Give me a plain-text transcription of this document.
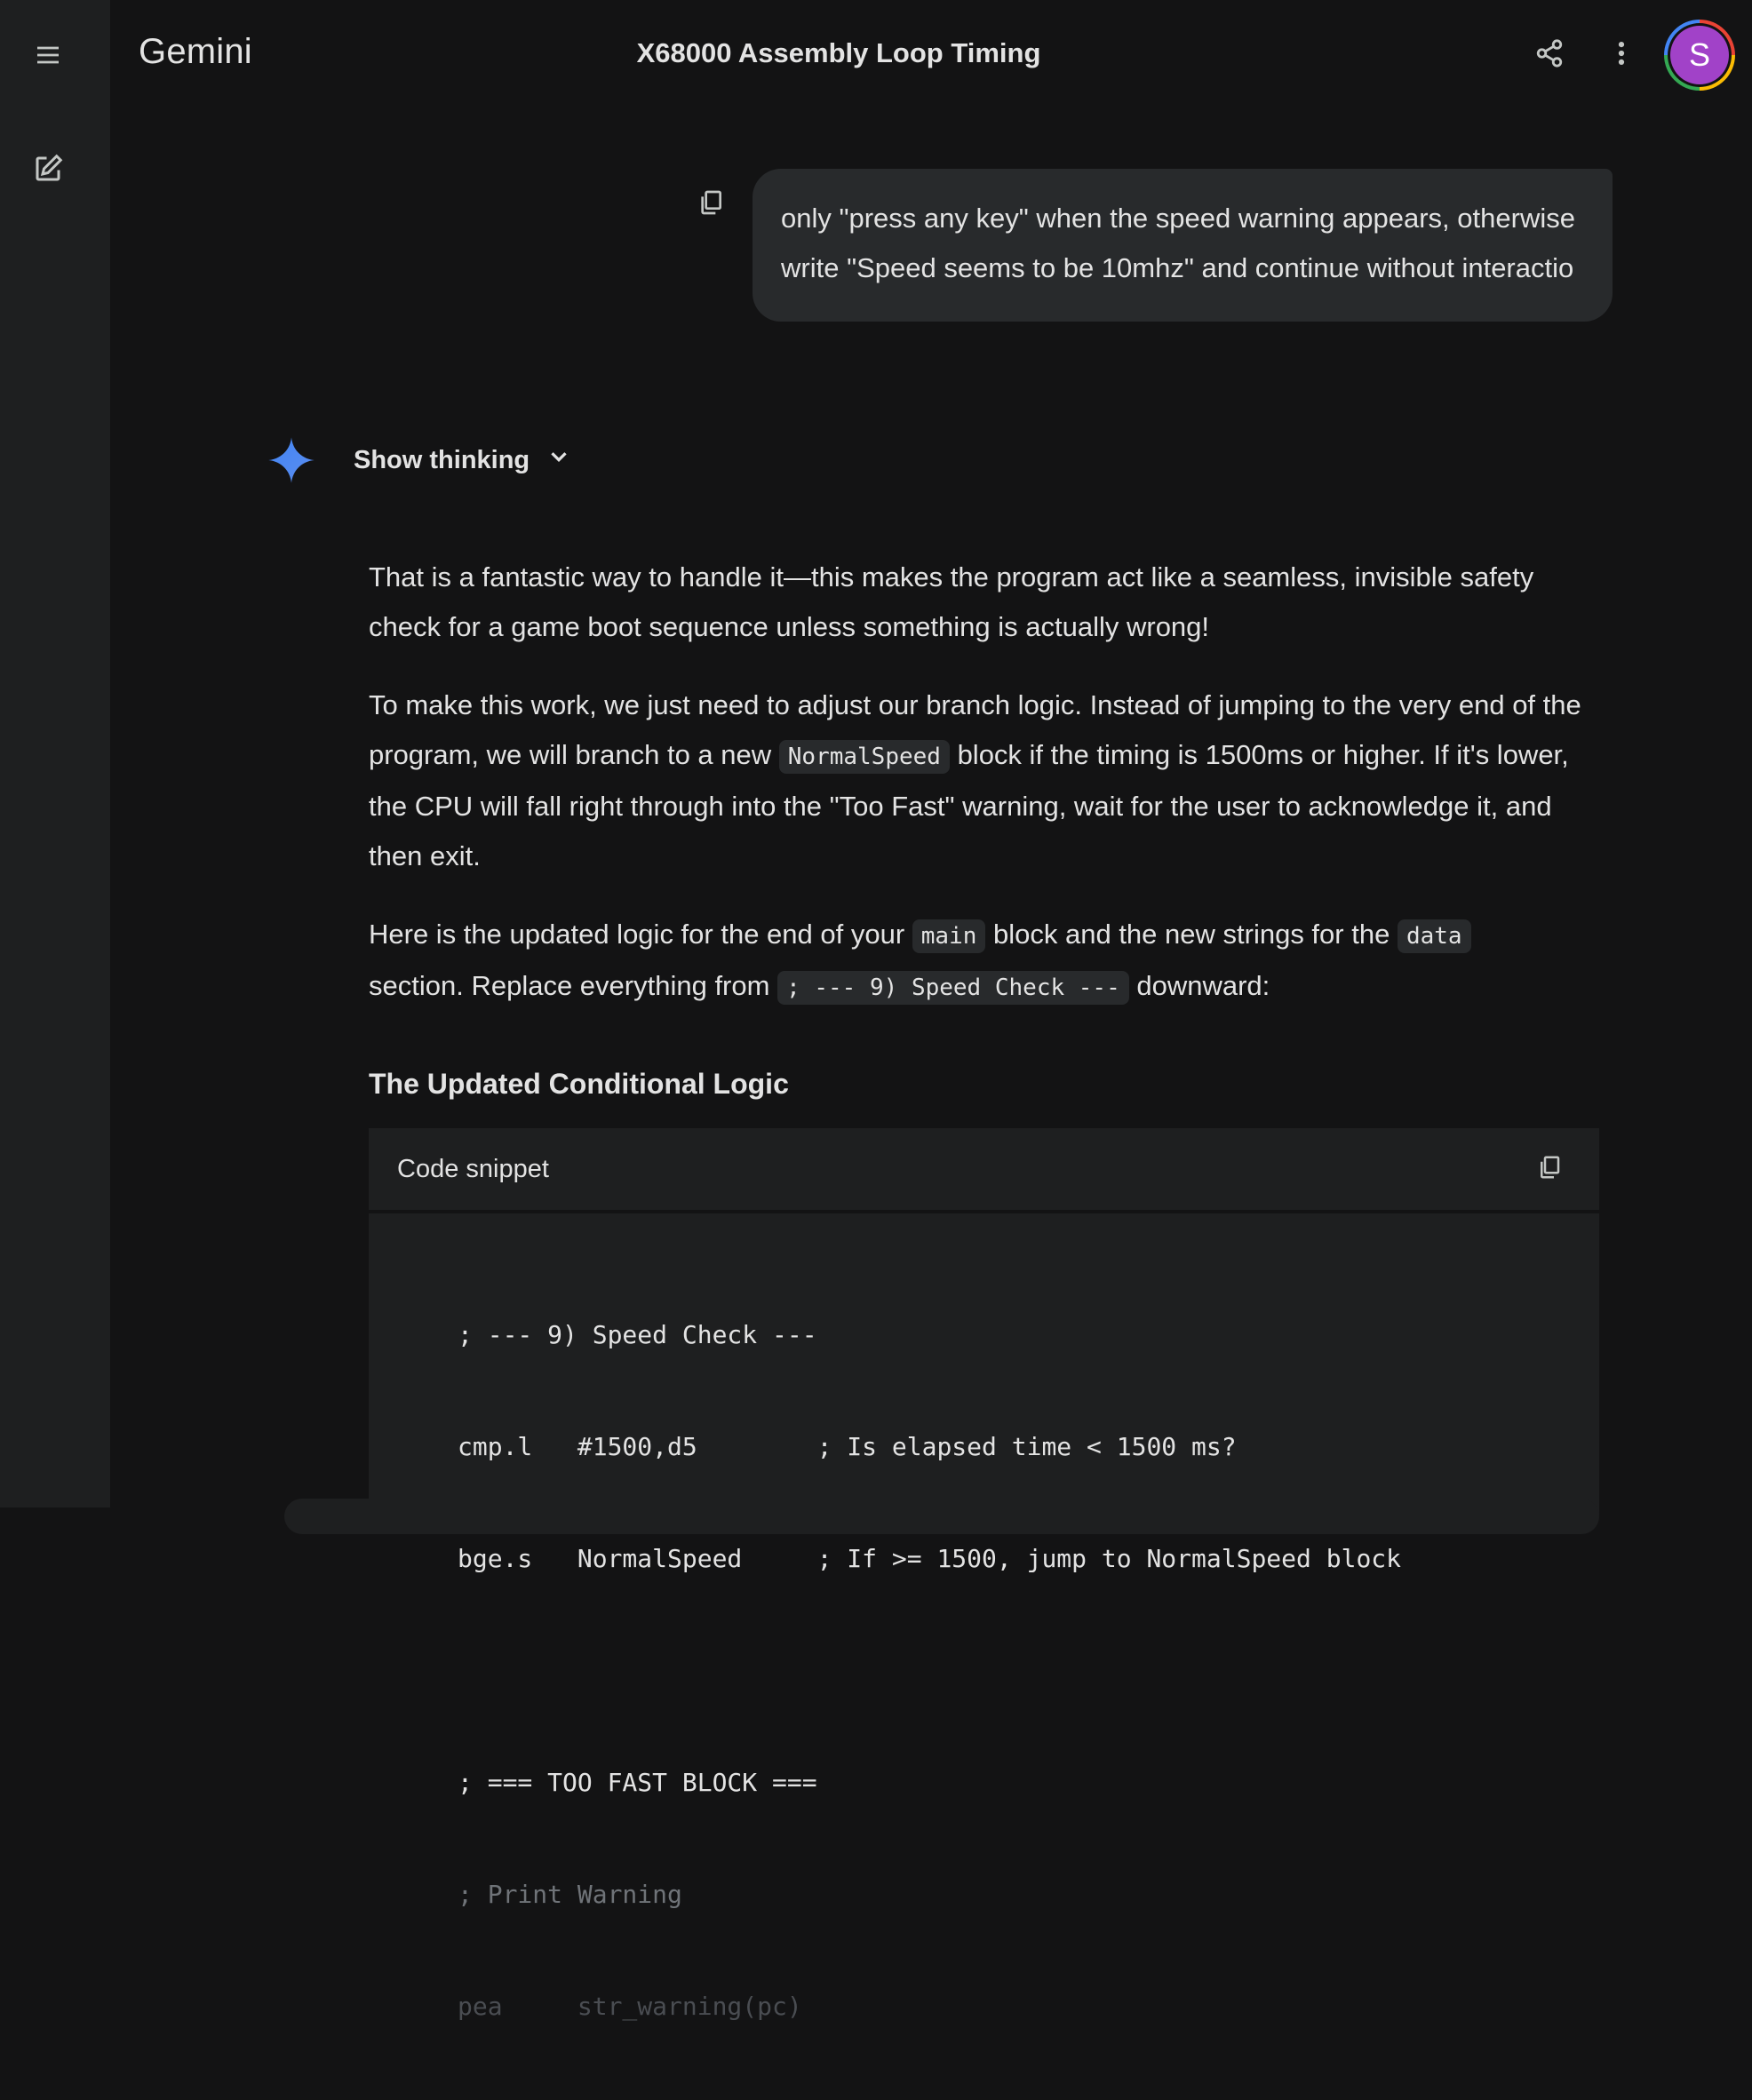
Gemini	X68000 Assembly Loop Timing	S
only "press any key" when the speed warning appears, otherwise write "Speed seems to be 10mhz" and continue without interactio
Show thinking

That is a fantastic way to handle it—this makes the program act like a seamless, invisible safety check for a game boot sequence unless something is actually wrong!

To make this work, we just need to adjust our branch logic. Instead of jumping to the very end of the program, we will branch to a new NormalSpeed block if the timing is 1500ms or higher. If it's lower, the CPU will fall right through into the "Too Fast" warning, wait for the user to acknowledge it, and then exit.

Here is the updated logic for the end of your main block and the new strings for the data
section. Replace everything from ; --- 9) Speed Check --- downward:

The Updated Conditional Logic
Code snippet

; --- 9) Speed Check ---

cmp.l   #1500,d5        ; Is elapsed time < 1500 ms?

bge.s   NormalSpeed     ; If >= 1500, jump to NormalSpeed block

; === TOO FAST BLOCK ===

; Print Warning

pea     str_warning(pc)
